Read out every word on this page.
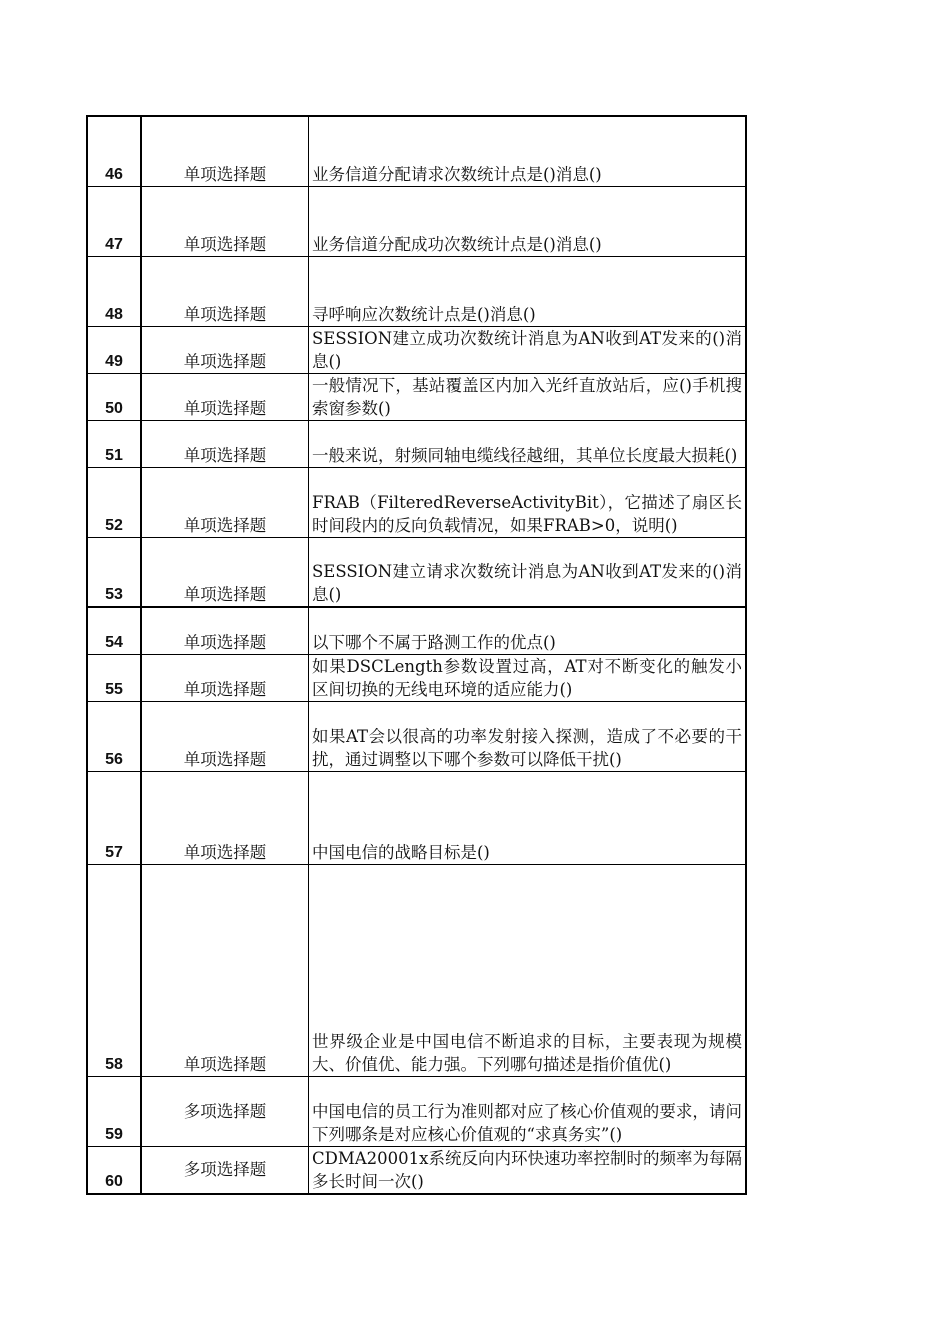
46	单项选择题	业务信道分配请求次数统计点是()消息()
47	单项选择题	业务信道分配成功次数统计点是()消息()
48	单项选择题	寻呼响应次数统计点是()消息()
49	单项选择题	SESSION建立成功次数统计消息为AN收到AT发来的()消息()
50	单项选择题	一般情况下，基站覆盖区内加入光纤直放站后，应()手机搜索窗参数()
51	单项选择题	一般来说，射频同轴电缆线径越细，其单位长度最大损耗()
52	单项选择题	FRAB（FilteredReverseActivityBit），它描述了扇区长时间段内的反向负载情况，如果FRAB>0，说明()
53	单项选择题	SESSION建立请求次数统计消息为AN收到AT发来的()消息()
54	单项选择题	以下哪个不属于路测工作的优点()
55	单项选择题	如果DSCLength参数设置过高，AT对不断变化的触发小区间切换的无线电环境的适应能力()
56	单项选择题	如果AT会以很高的功率发射接入探测，造成了不必要的干扰，通过调整以下哪个参数可以降低干扰()
57	单项选择题	中国电信的战略目标是()
58	单项选择题	世界级企业是中国电信不断追求的目标，主要表现为规模大、价值优、能力强。下列哪句描述是指价值优()
59	多项选择题	中国电信的员工行为准则都对应了核心价值观的要求，请问下列哪条是对应核心价值观的“求真务实”()
60	多项选择题	CDMA20001x系统反向内环快速功率控制时的频率为每隔多长时间一次()
